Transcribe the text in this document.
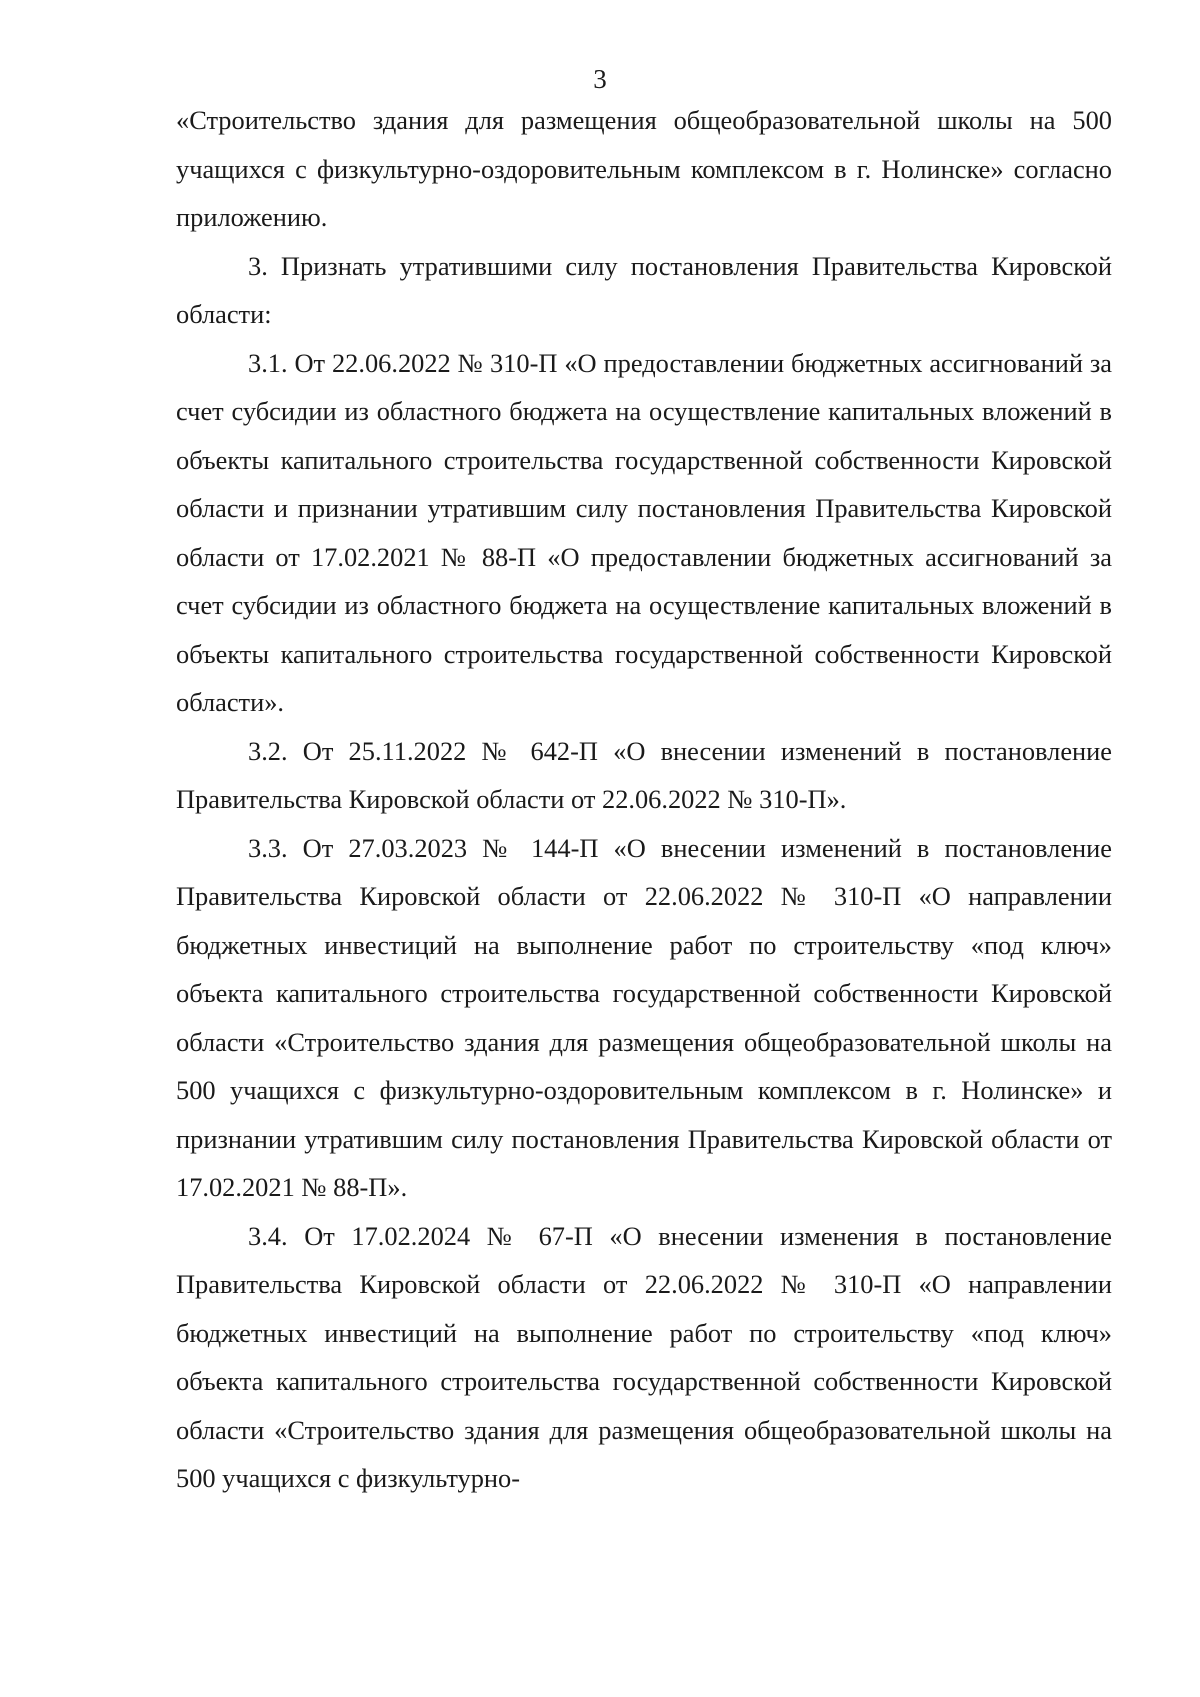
3

«Строительство здания для размещения общеобразовательной школы на 500 учащихся с физкультурно-оздоровительным комплексом в г. Нолинске» согласно приложению.

3. Признать утратившими силу постановления Правительства Кировской области:

3.1. От 22.06.2022 № 310-П «О предоставлении бюджетных ассигнований за счет субсидии из областного бюджета на осуществление капитальных вложений в объекты капитального строительства государственной собственности Кировской области и признании утратившим силу постановления Правительства Кировской области от 17.02.2021 № 88-П «О предоставлении бюджетных ассигнований за счет субсидии из областного бюджета на осуществление капитальных вложений в объекты капитального строительства государственной собственности Кировской области».

3.2. От 25.11.2022 № 642-П «О внесении изменений в постановление Правительства Кировской области от 22.06.2022 № 310-П».

3.3. От 27.03.2023 № 144-П «О внесении изменений в постановление Правительства Кировской области от 22.06.2022 № 310-П «О направлении бюджетных инвестиций на выполнение работ по строительству «под ключ» объекта капитального строительства государственной собственности Кировской области «Строительство здания для размещения общеобразовательной школы на 500 учащихся с физкультурно-оздоровительным комплексом в г. Нолинске» и признании утратившим силу постановления Правительства Кировской области от 17.02.2021 № 88-П».

3.4. От 17.02.2024 № 67-П «О внесении изменения в постановление Правительства Кировской области от 22.06.2022 № 310-П «О направлении бюджетных инвестиций на выполнение работ по строительству «под ключ» объекта капитального строительства государственной собственности Кировской области «Строительство здания для размещения общеобразовательной школы на 500 учащихся с физкультурно-
